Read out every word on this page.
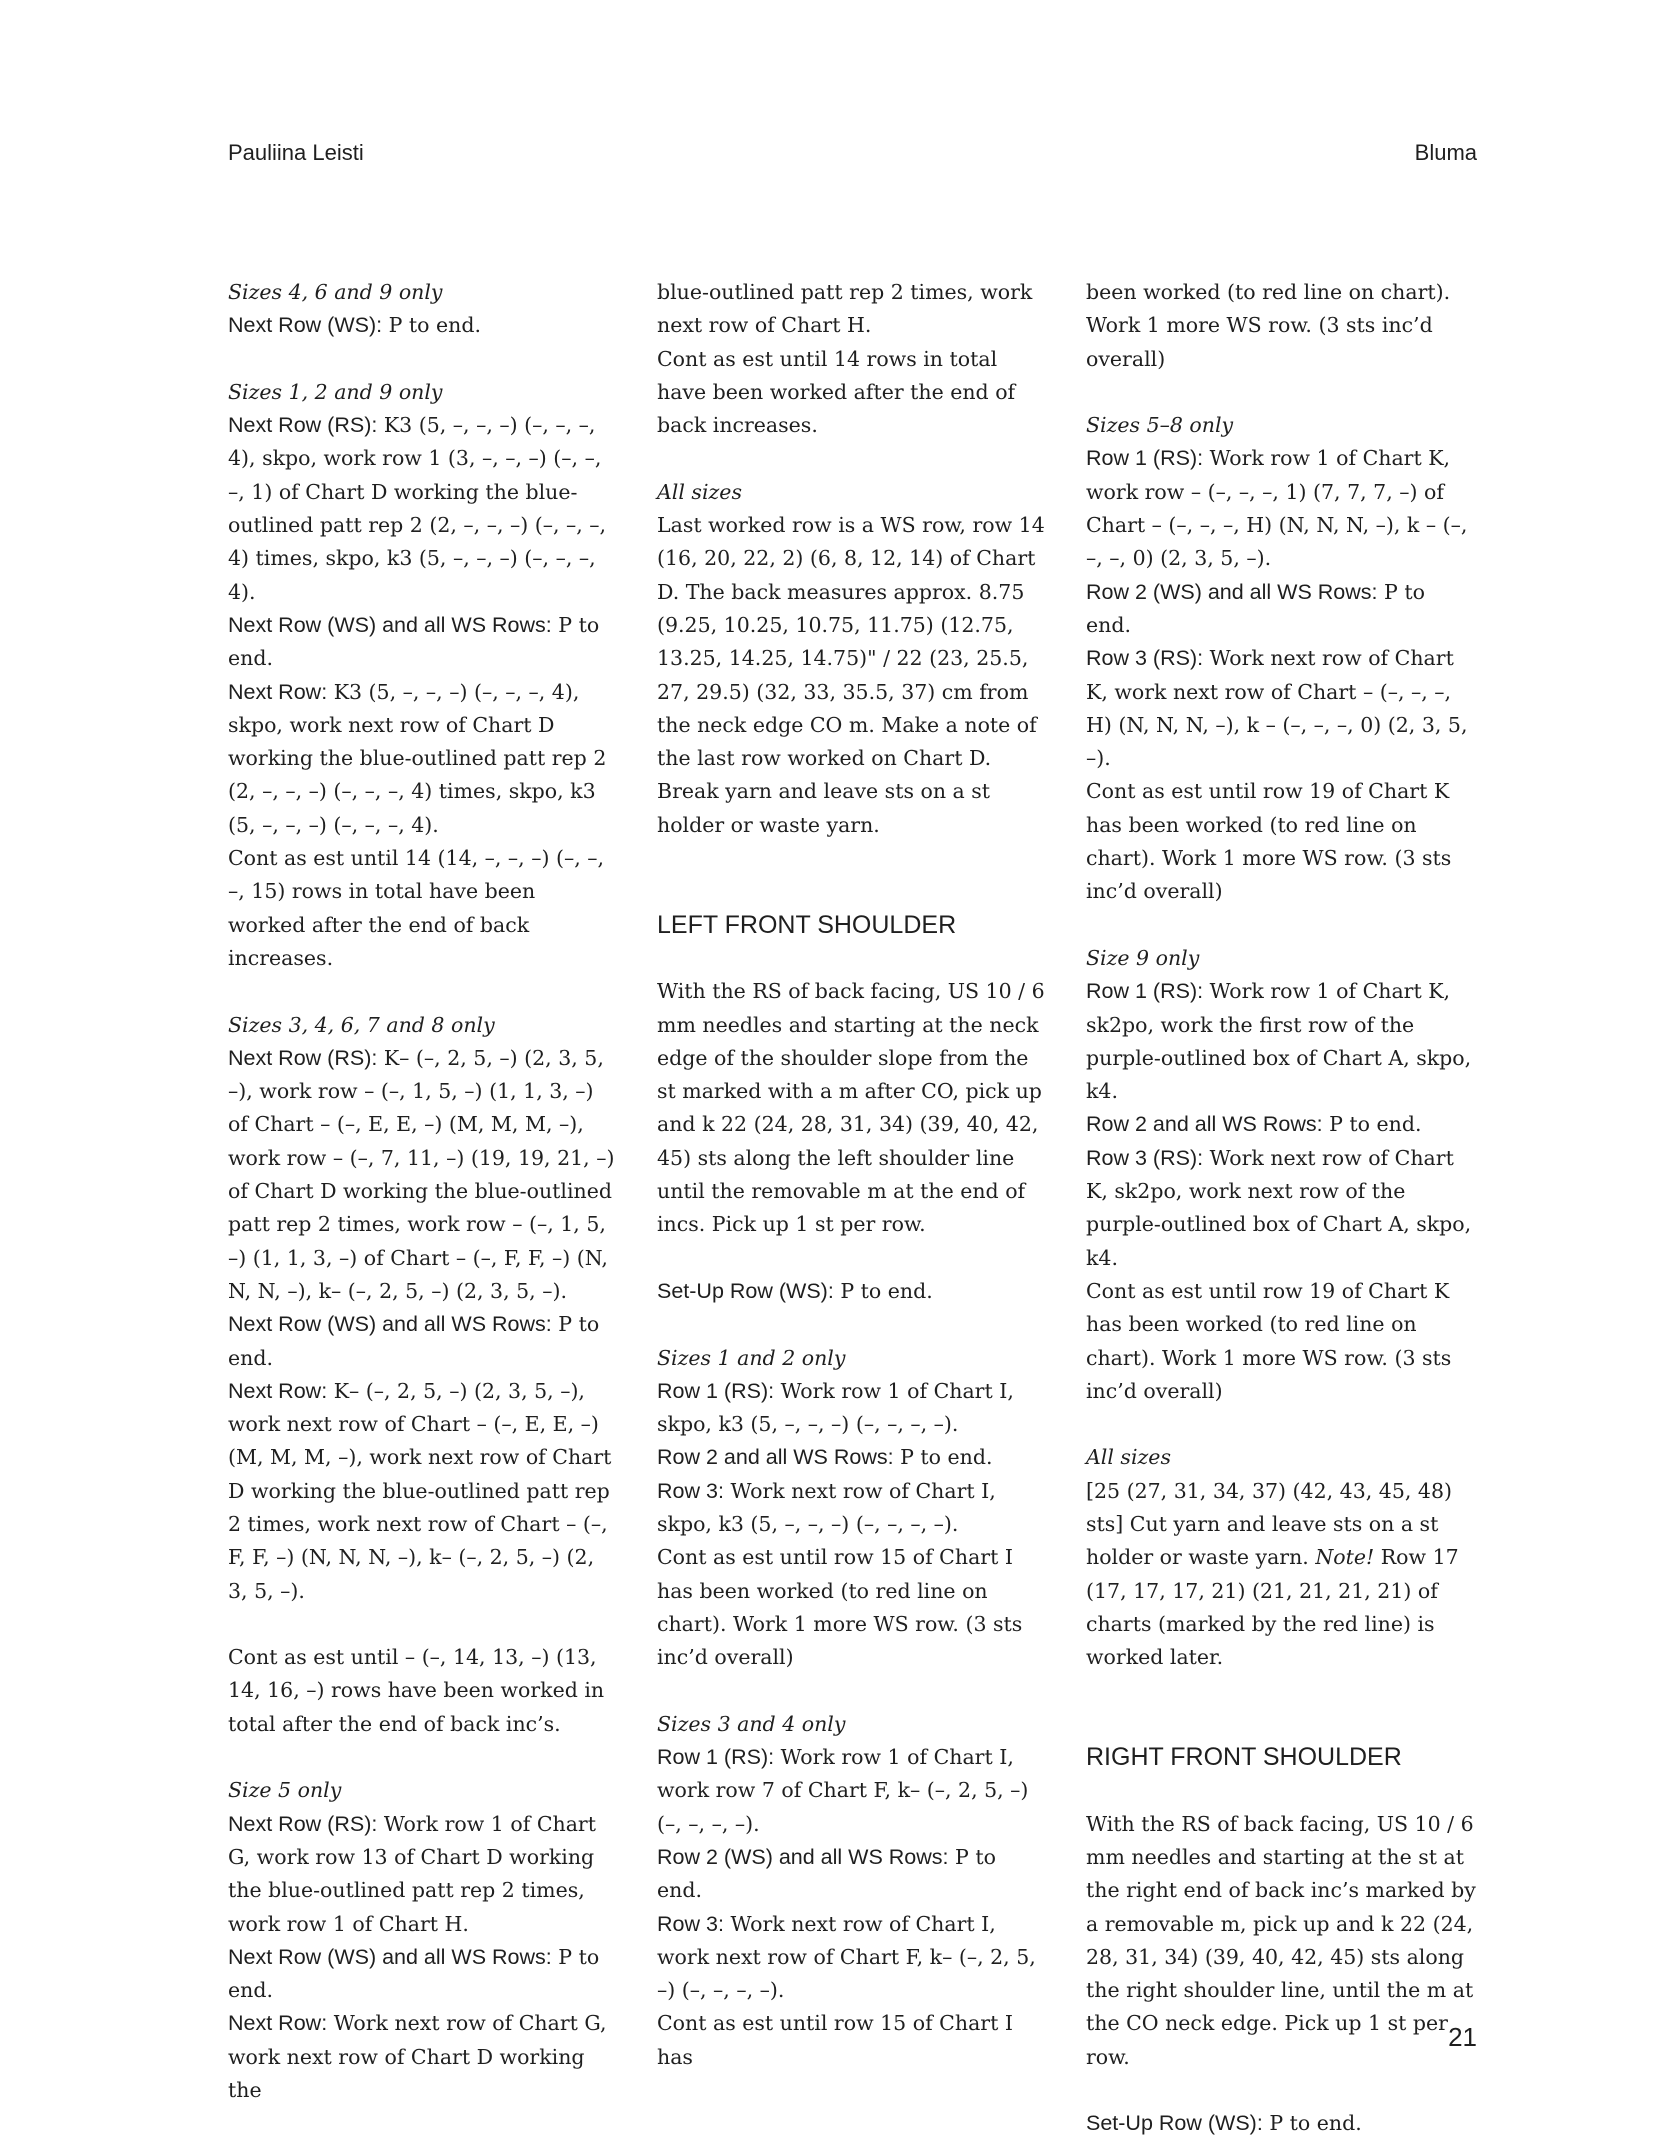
Pauliina Leisti	Bluma

Sizes 4, 6 and 9 only

Next Row (WS): P to end.

Sizes 1, 2 and 9 only

Next Row (RS): K3 (5, –, –, –) (–, –, –, 4), skpo, work row 1 (3, –, –, –) (–, –, –, 1) of Chart D working the blue-outlined patt rep 2 (2, –, –, –) (–, –, –, 4) times, skpo, k3 (5, –, –, –) (–, –, –, 4).

Next Row (WS) and all WS Rows: P to end.

Next Row: K3 (5, –, –, –) (–, –, –, 4), skpo, work next row of Chart D working the blue-outlined patt rep 2 (2, –, –, –) (–, –, –, 4) times, skpo, k3 (5, –, –, –) (–, –, –, 4).

Cont as est until 14 (14, –, –, –) (–, –, –, 15) rows in total have been worked after the end of back increases.

Sizes 3, 4, 6, 7 and 8 only

Next Row (RS): K– (–, 2, 5, –) (2, 3, 5, –), work row – (–, 1, 5, –) (1, 1, 3, –) of Chart – (–, E, E, –) (M, M, M, –), work row – (–, 7, 11, –) (19, 19, 21, –) of Chart D working the blue-outlined patt rep 2 times, work row – (–, 1, 5, –) (1, 1, 3, –) of Chart – (–, F, F, –) (N, N, N, –), k– (–, 2, 5, –) (2, 3, 5, –).

Next Row (WS) and all WS Rows: P to end.

Next Row: K– (–, 2, 5, –) (2, 3, 5, –), work next row of Chart – (–, E, E, –) (M, M, M, –), work next row of Chart D working the blue-outlined patt rep 2 times, work next row of Chart – (–, F, F, –) (N, N, N, –), k– (–, 2, 5, –) (2, 3, 5, –).

Cont as est until – (–, 14, 13, –) (13, 14, 16, –) rows have been worked in total after the end of back inc’s.

Size 5 only

Next Row (RS): Work row 1 of Chart G, work row 13 of Chart D working the blue-outlined patt rep 2 times, work row 1 of Chart H.

Next Row (WS) and all WS Rows: P to end.

Next Row: Work next row of Chart G, work next row of Chart D working the

blue-outlined patt rep 2 times, work next row of Chart H.

Cont as est until 14 rows in total have been worked after the end of back increases.

All sizes

Last worked row is a WS row, row 14 (16, 20, 22, 2) (6, 8, 12, 14) of Chart D. The back measures approx. 8.75 (9.25, 10.25, 10.75, 11.75) (12.75, 13.25, 14.25, 14.75)" / 22 (23, 25.5, 27, 29.5) (32, 33, 35.5, 37) cm from the neck edge CO m. Make a note of the last row worked on Chart D. Break yarn and leave sts on a st holder or waste yarn.

LEFT FRONT SHOULDER

With the RS of back facing, US 10 / 6 mm needles and starting at the neck edge of the shoulder slope from the st marked with a m after CO, pick up and k 22 (24, 28, 31, 34) (39, 40, 42, 45) sts along the left shoulder line until the removable m at the end of incs. Pick up 1 st per row.

Set-Up Row (WS): P to end.

Sizes 1 and 2 only

Row 1 (RS): Work row 1 of Chart I, skpo, k3 (5, –, –, –) (–, –, –, –).

Row 2 and all WS Rows: P to end.

Row 3: Work next row of Chart I, skpo, k3 (5, –, –, –) (–, –, –, –).

Cont as est until row 15 of Chart I has been worked (to red line on chart). Work 1 more WS row. (3 sts inc’d overall)

Sizes 3 and 4 only

Row 1 (RS): Work row 1 of Chart I, work row 7 of Chart F, k– (–, 2, 5, –) (–, –, –, –).

Row 2 (WS) and all WS Rows: P to end.

Row 3: Work next row of Chart I, work next row of Chart F, k– (–, 2, 5, –) (–, –, –, –).

Cont as est until row 15 of Chart I has

been worked (to red line on chart). Work 1 more WS row. (3 sts inc’d overall)

Sizes 5–8 only

Row 1 (RS): Work row 1 of Chart K, work row – (–, –, –, 1) (7, 7, 7, –) of Chart – (–, –, –, H) (N, N, N, –), k – (–, –, –, 0) (2, 3, 5, –).

Row 2 (WS) and all WS Rows: P to end.

Row 3 (RS): Work next row of Chart K, work next row of Chart – (–, –, –, H) (N, N, N, –), k – (–, –, –, 0) (2, 3, 5, –).

Cont as est until row 19 of Chart K has been worked (to red line on chart). Work 1 more WS row. (3 sts inc’d overall)

Size 9 only

Row 1 (RS): Work row 1 of Chart K, sk2po, work the first row of the purple-outlined box of Chart A, skpo, k4.

Row 2 and all WS Rows: P to end.

Row 3 (RS): Work next row of Chart K, sk2po, work next row of the purple-outlined box of Chart A, skpo, k4.

Cont as est until row 19 of Chart K has been worked (to red line on chart). Work 1 more WS row. (3 sts inc’d overall)

All sizes

[25 (27, 31, 34, 37) (42, 43, 45, 48) sts] Cut yarn and leave sts on a st holder or waste yarn. Note! Row 17 (17, 17, 17, 21) (21, 21, 21, 21) of charts (marked by the red line) is worked later.

RIGHT FRONT SHOULDER

With the RS of back facing, US 10 / 6 mm needles and starting at the st at the right end of back inc’s marked by a removable m, pick up and k 22 (24, 28, 31, 34) (39, 40, 42, 45) sts along the right shoulder line, until the m at the CO neck edge. Pick up 1 st per row.

Set-Up Row (WS): P to end.

21
